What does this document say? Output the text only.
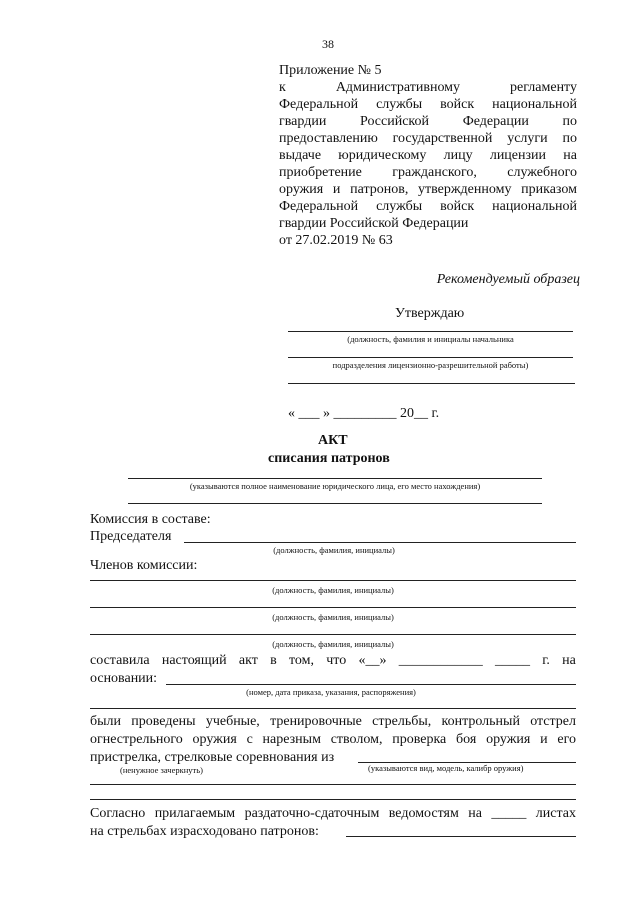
38
Приложение № 5
к	Административному	регламенту
Федеральной службы войск национальной
гвардии Российской Федерации по
предоставлению государственной услуги по
выдаче юридическому лицу лицензии на
приобретение гражданского, служебного
оружия и патронов, утвержденному приказом
Федеральной службы войск национальной
гвардии Российской Федерации
от 27.02.2019 № 63
Рекомендуемый образец
Утверждаю
(должность, фамилия и инициалы начальника
подразделения лицензионно-разрешительной работы)
« ___ » _________ 20__ г.
АКТ
списания патронов
(указываются полное наименование юридического лица, его место нахождения)
Комиссия в составе:
Председателя
(должность, фамилия, инициалы)
Членов комиссии:
(должность, фамилия, инициалы)
(должность, фамилия, инициалы)
(должность, фамилия, инициалы)
составила настоящий акт в том, что «__» ____________ _____ г. на
основании:
(номер, дата приказа, указания, распоряжения)
были проведены учебные, тренировочные стрельбы, контрольный отстрел
огнестрельного оружия с нарезным стволом, проверка боя оружия и его
пристрелка, стрелковые соревнования из
(ненужное зачеркнуть)	(указываются вид, модель, калибр оружия)
Согласно прилагаемым раздаточно-сдаточным ведомостям на _____ листах
на стрельбах израсходовано патронов:
